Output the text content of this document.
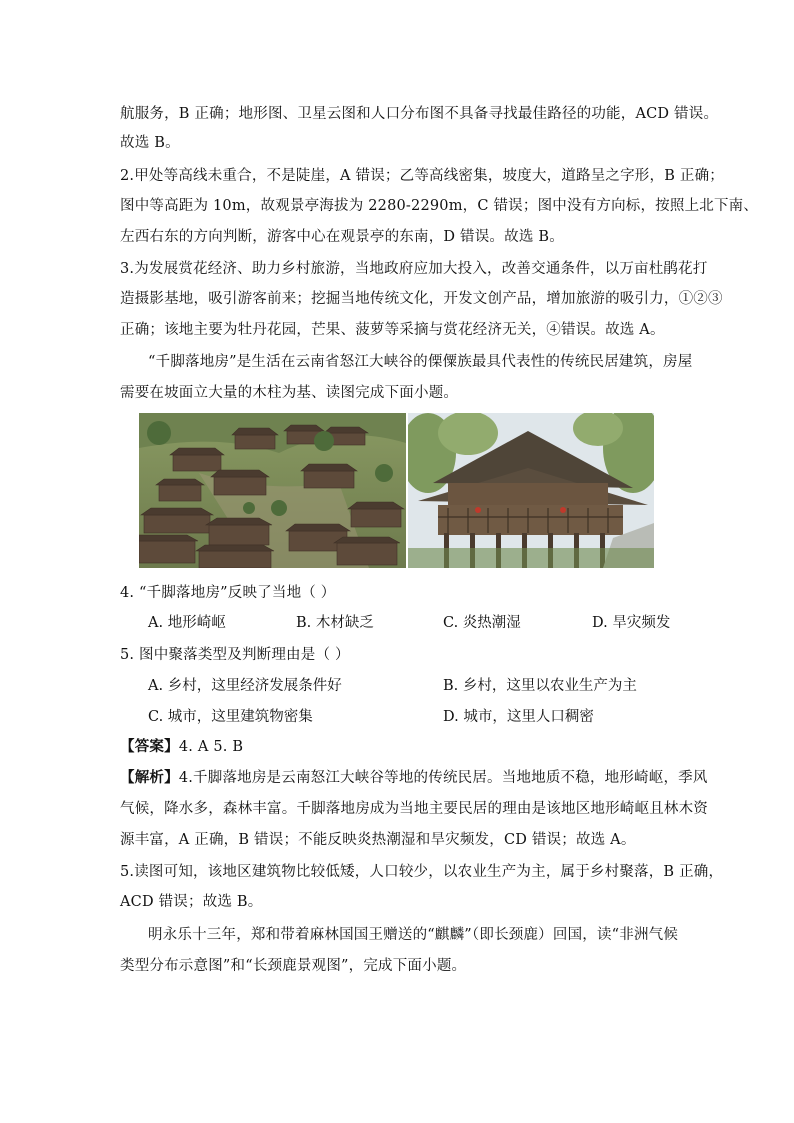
航服务，B 正确；地形图、卫星云图和人口分布图不具备寻找最佳路径的功能，ACD 错误。
故选 B。
2.甲处等高线未重合，不是陡崖，A 错误；乙等高线密集，坡度大，道路呈之字形，B 正确；
图中等高距为 10m，故观景亭海拔为 2280-2290m，C 错误；图中没有方向标，按照上北下南、
左西右东的方向判断，游客中心在观景亭的东南，D 错误。故选 B。
3.为发展赏花经济、助力乡村旅游，当地政府应加大投入，改善交通条件，以万亩杜鹃花打
造摄影基地，吸引游客前来；挖掘当地传统文化，开发文创产品，增加旅游的吸引力，①②③
正确；该地主要为牡丹花园，芒果、菠萝等采摘与赏花经济无关，④错误。故选 A。
“千脚落地房”是生活在云南省怒江大峡谷的傈僳族最具代表性的传统民居建筑，房屋
需要在坡面立大量的木柱为基、读图完成下面小题。
4. “千脚落地房”反映了当地（ ）
A. 地形崎岖	B. 木材缺乏	C. 炎热潮湿	D. 旱灾频发
5. 图中聚落类型及判断理由是（ ）
A. 乡村，这里经济发展条件好	B. 乡村，这里以农业生产为主
C. 城市，这里建筑物密集	D. 城市，这里人口稠密
【答案】4. A 5. B
【解析】4.千脚落地房是云南怒江大峡谷等地的传统民居。当地地质不稳，地形崎岖，季风
气候，降水多，森林丰富。千脚落地房成为当地主要民居的理由是该地区地形崎岖且林木资
源丰富，A 正确，B 错误；不能反映炎热潮湿和旱灾频发，CD 错误；故选 A。
5.读图可知，该地区建筑物比较低矮，人口较少，以农业生产为主，属于乡村聚落，B 正确，
ACD 错误；故选 B。
明永乐十三年，郑和带着麻林国国王赠送的“麒麟”（即长颈鹿）回国，读“非洲气候
类型分布示意图”和“长颈鹿景观图”，完成下面小题。
